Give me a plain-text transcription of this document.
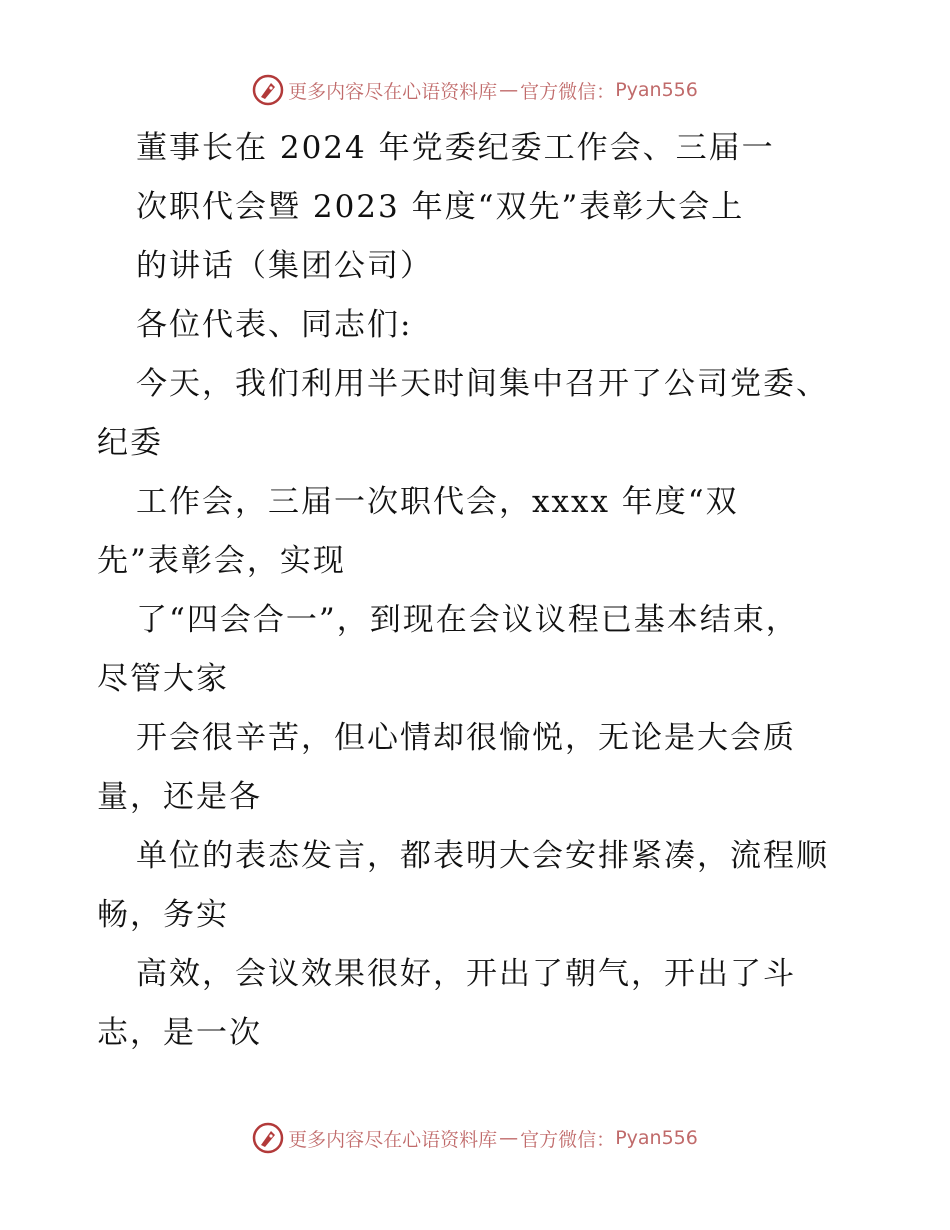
更多内容尽在心语资料库 — 官方微信： Pyan556
董事长在 2024 年党委纪委工作会、三届一
次职代会暨 2023 年度“双先”表彰大会上
的讲话（集团公司）
各位代表、同志们:
今天，我们利用半天时间集中召开了公司党委、
纪委
工作会，三届一次职代会，xxxx 年度“双
先”表彰会，实现
了“四会合一”，到现在会议议程已基本结束，
尽管大家
开会很辛苦，但心情却很愉悦，无论是大会质
量，还是各
单位的表态发言，都表明大会安排紧凑，流程顺
畅，务实
高效，会议效果很好，开出了朝气，开出了斗
志，是一次
更多内容尽在心语资料库 — 官方微信： Pyan556
